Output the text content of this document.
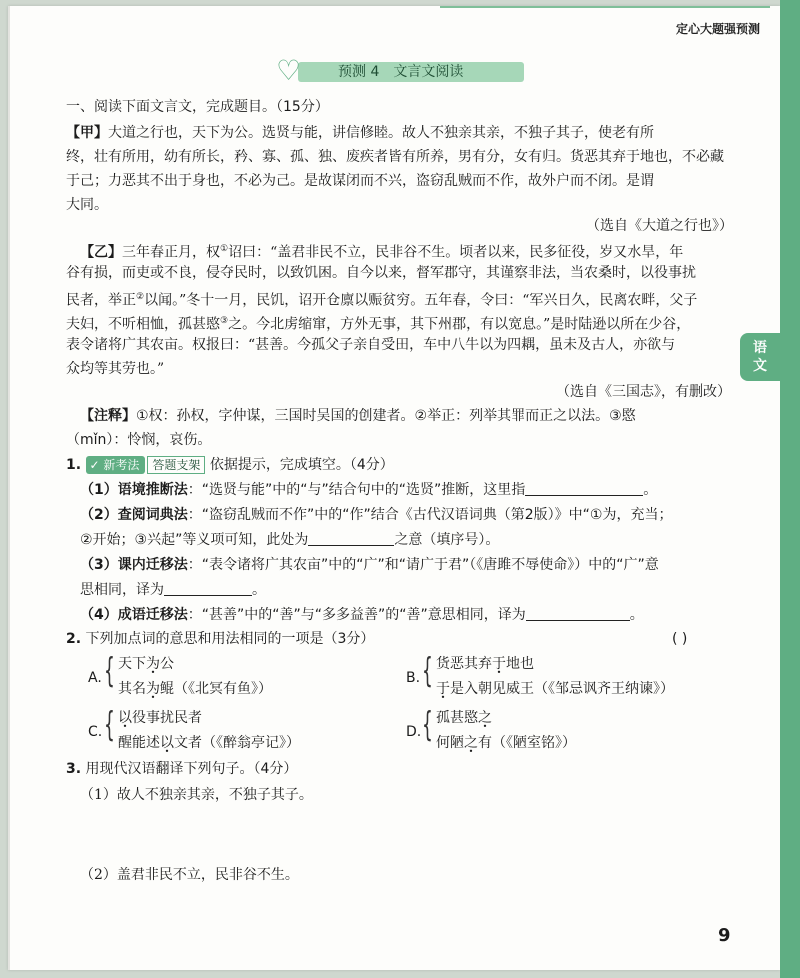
定心大题强预测
♡	预测 4 文言文阅读
语
文
一、阅读下面文言文，完成题目。（15分）
【甲】大道之行也，天下为公。选贤与能，讲信修睦。故人不独亲其亲，不独子其子，使老有所
终，壮有所用，幼有所长，矜、寡、孤、独、废疾者皆有所养，男有分，女有归。货恶其弃于地也，不必藏
于己；力恶其不出于身也，不必为己。是故谋闭而不兴，盗窃乱贼而不作，故外户而不闭。是谓
大同。
（选自《大道之行也》）
【乙】三年春正月，权①诏曰：“盖君非民不立，民非谷不生。顷者以来，民多征役，岁又水旱，年
谷有损，而吏或不良，侵夺民时，以致饥困。自今以来，督军郡守，其谨察非法，当农桑时，以役事扰
民者，举正②以闻。”冬十一月，民饥，诏开仓廪以赈贫穷。五年春，令曰：“军兴日久，民离农畔，父子
夫妇，不听相恤，孤甚愍③之。今北虏缩窜，方外无事，其下州郡，有以宽息。”是时陆逊以所在少谷，
表令诸将广其农亩。权报曰：“甚善。今孤父子亲自受田，车中八牛以为四耦，虽未及古人，亦欲与
众均等其劳也。”
（选自《三国志》，有删改）
【注释】①权：孙权，字仲谋，三国时吴国的创建者。②举正：列举其罪而正之以法。③愍
（mǐn）：怜悯，哀伤。
1. ✓ 新考法 答题支架 依据提示，完成填空。（4分）
（1）语境推断法：“选贤与能”中的“与”结合句中的“选贤”推断，这里指	。
（2）查阅词典法：“盗窃乱贼而不作”中的“作”结合《古代汉语词典（第2版）》中“①为，充当；
②开始；③兴起”等义项可知，此处为	之意（填序号）。
（3）课内迁移法：“表令诸将广其农亩”中的“广”和“请广于君”（《唐雎不辱使命》）中的“广”意
思相同，译为	。
（4）成语迁移法：“甚善”中的“善”与“多多益善”的“善”意思相同，译为	。
2. 下列加点词的意思和用法相同的一项是（3分）	( )
A. { 天下为公
其名为鲲（《北冥有鱼》）
B. { 货恶其弃于地也
于是入朝见威王（《邹忌讽齐王纳谏》）
C. { 以役事扰民者
醒能述以文者（《醉翁亭记》）
D. { 孤甚愍之
何陋之有（《陋室铭》）
3. 用现代汉语翻译下列句子。（4分）
（1）故人不独亲其亲，不独子其子。
（2）盖君非民不立，民非谷不生。
9
